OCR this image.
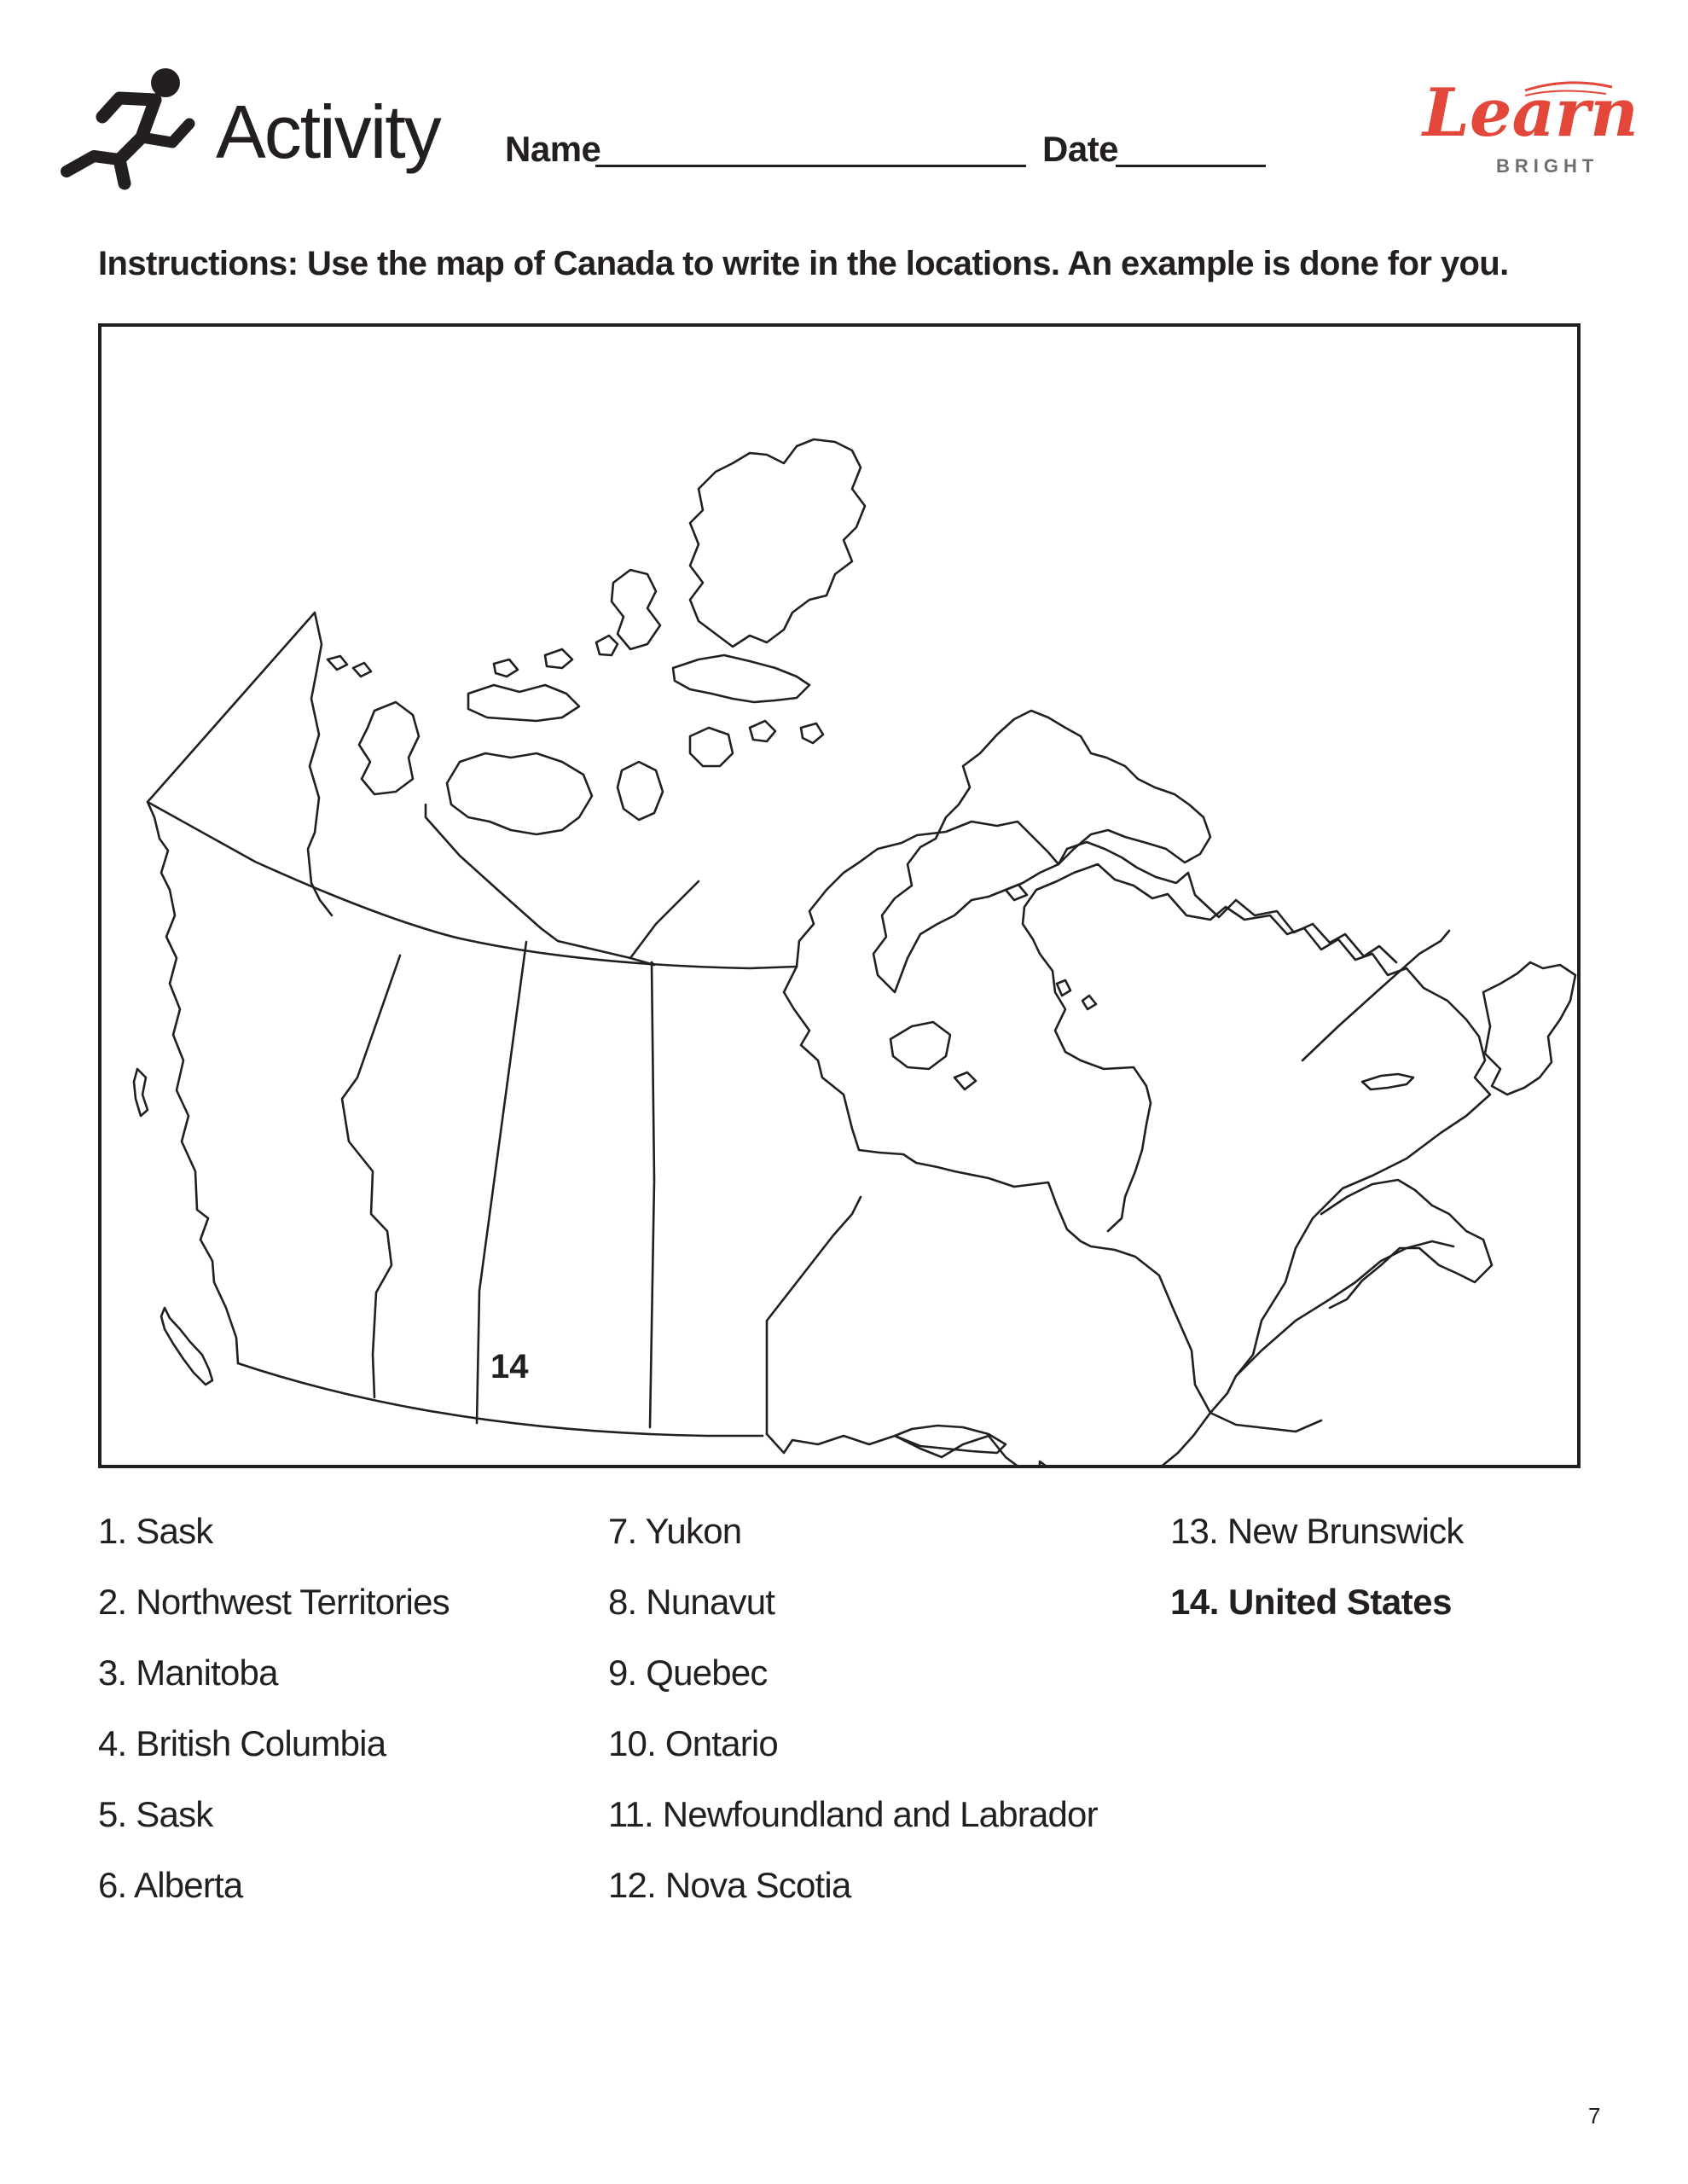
Activity Name	Date	Learn
BRIGHT
Instructions: Use the map of Canada to write in the locations. An example is done for you.
14
1. Sask
2. Northwest Territories
3. Manitoba
4. British Columbia
5. Sask
6. Alberta
7. Yukon
8. Nunavut
9. Quebec
10. Ontario
11. Newfoundland and Labrador
12. Nova Scotia
13. New Brunswick
14. United States
7
